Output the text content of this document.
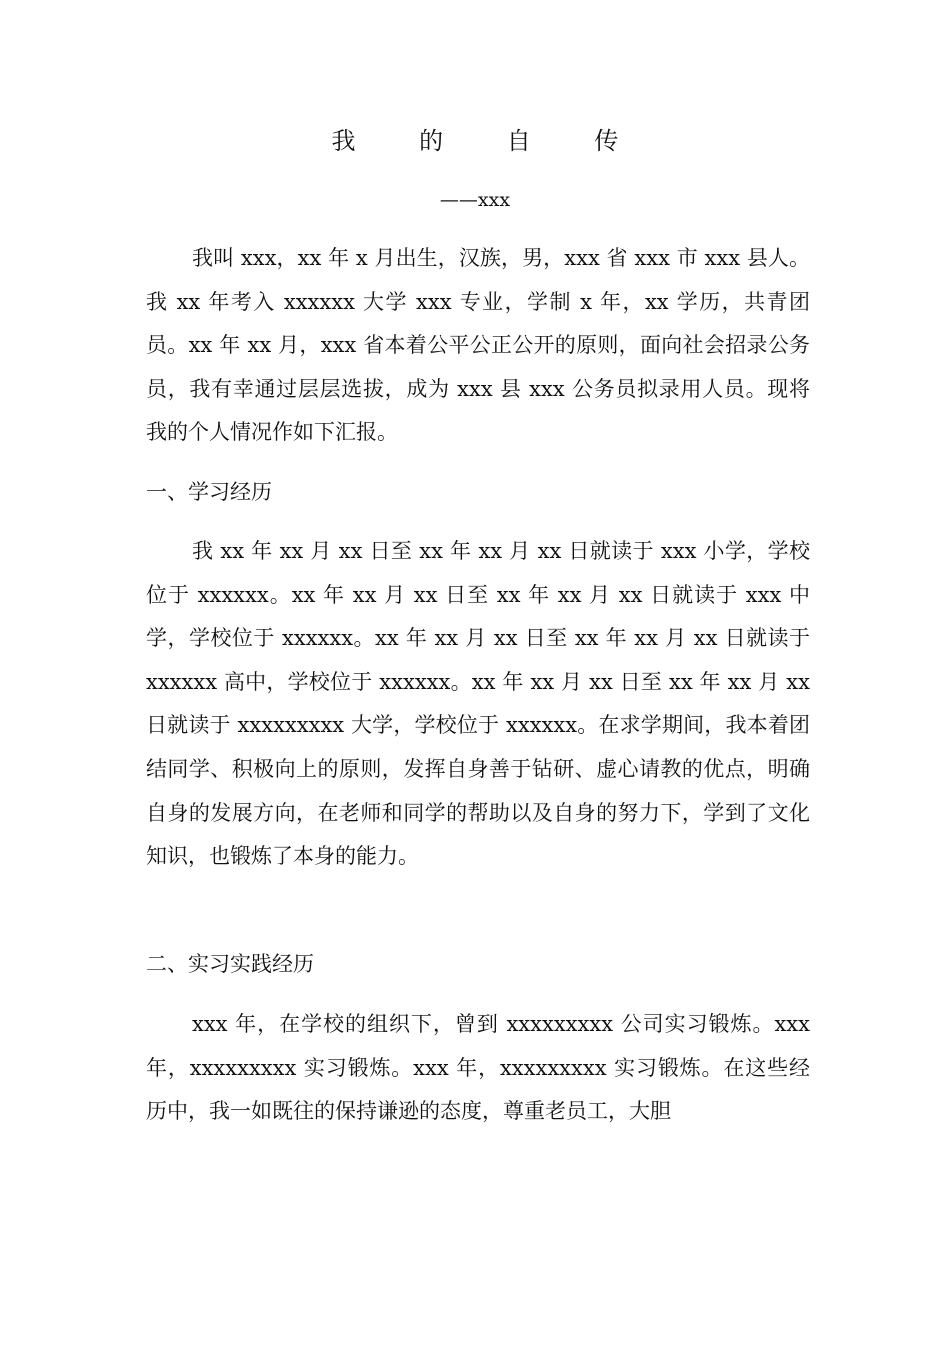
我 的 自 传
——xxx

我叫 xxx，xx 年 x 月出生，汉族，男，xxx 省 xxx 市 xxx 县人。我 xx 年考入 xxxxxx 大学 xxx 专业，学制 x 年，xx 学历，共青团员。xx 年 xx 月，xxx 省本着公平公正公开的原则，面向社会招录公务员，我有幸通过层层选拔，成为 xxx 县 xxx 公务员拟录用人员。现将我的个人情况作如下汇报。

一、学习经历

我 xx 年 xx 月 xx 日至 xx 年 xx 月 xx 日就读于 xxx 小学，学校位于 xxxxxx。xx 年 xx 月 xx 日至 xx 年 xx 月 xx 日就读于 xxx 中学，学校位于 xxxxxx。xx 年 xx 月 xx 日至 xx 年 xx 月 xx 日就读于 xxxxxx 高中，学校位于 xxxxxx。xx 年 xx 月 xx 日至 xx 年 xx 月 xx 日就读于 xxxxxxxxx 大学，学校位于 xxxxxx。在求学期间，我本着团结同学、积极向上的原则，发挥自身善于钻研、虚心请教的优点，明确自身的发展方向，在老师和同学的帮助以及自身的努力下，学到了文化知识，也锻炼了本身的能力。

二、实习实践经历

xxx 年，在学校的组织下，曾到 xxxxxxxxx 公司实习锻炼。xxx 年，xxxxxxxxx 实习锻炼。xxx 年，xxxxxxxxx 实习锻炼。在这些经历中，我一如既往的保持谦逊的态度，尊重老员工，大胆
